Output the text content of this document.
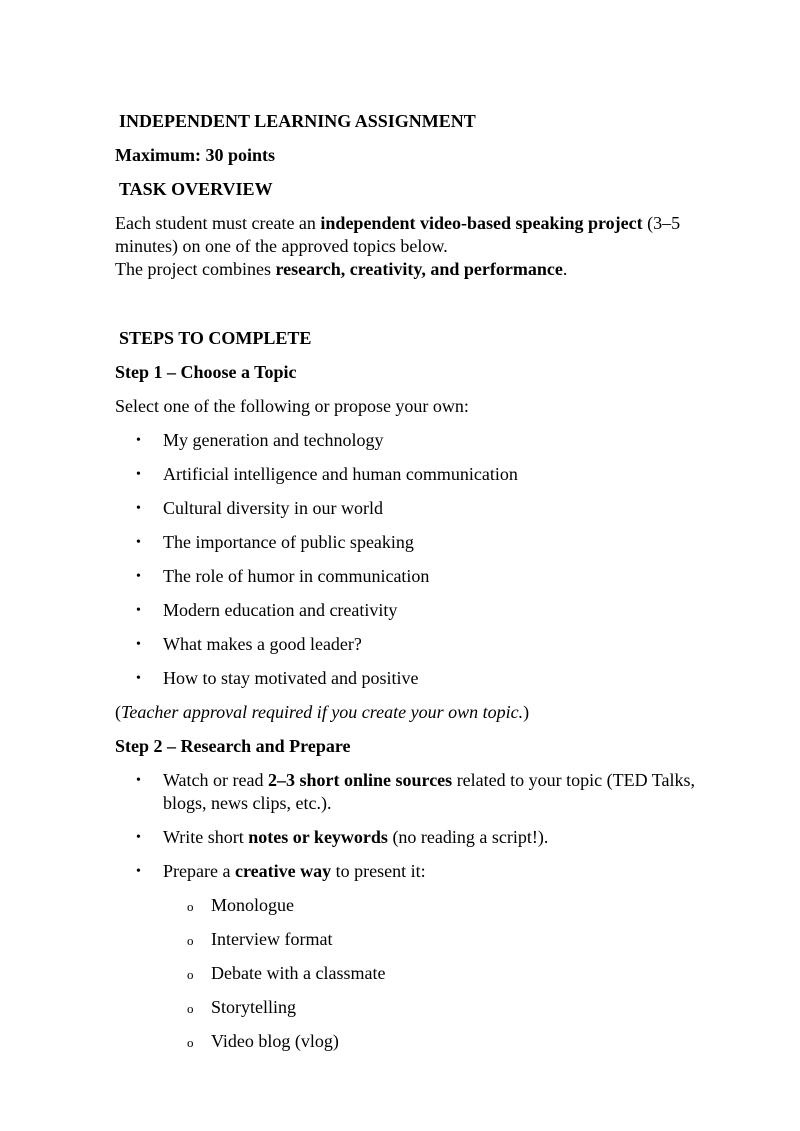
INDEPENDENT LEARNING ASSIGNMENT

Maximum: 30 points

TASK OVERVIEW

Each student must create an independent video-based speaking project (3–5 minutes) on one of the approved topics below.

The project combines research, creativity, and performance.

STEPS TO COMPLETE

Step 1 – Choose a Topic

Select one of the following or propose your own:

• My generation and technology

• Artificial intelligence and human communication

• Cultural diversity in our world

• The importance of public speaking

• The role of humor in communication

• Modern education and creativity

• What makes a good leader?

• How to stay motivated and positive

(Teacher approval required if you create your own topic.)

Step 2 – Research and Prepare

• Watch or read 2–3 short online sources related to your topic (TED Talks, blogs, news clips, etc.).

• Write short notes or keywords (no reading a script!).

• Prepare a creative way to present it:

o Monologue

o Interview format

o Debate with a classmate

o Storytelling

o Video blog (vlog)
